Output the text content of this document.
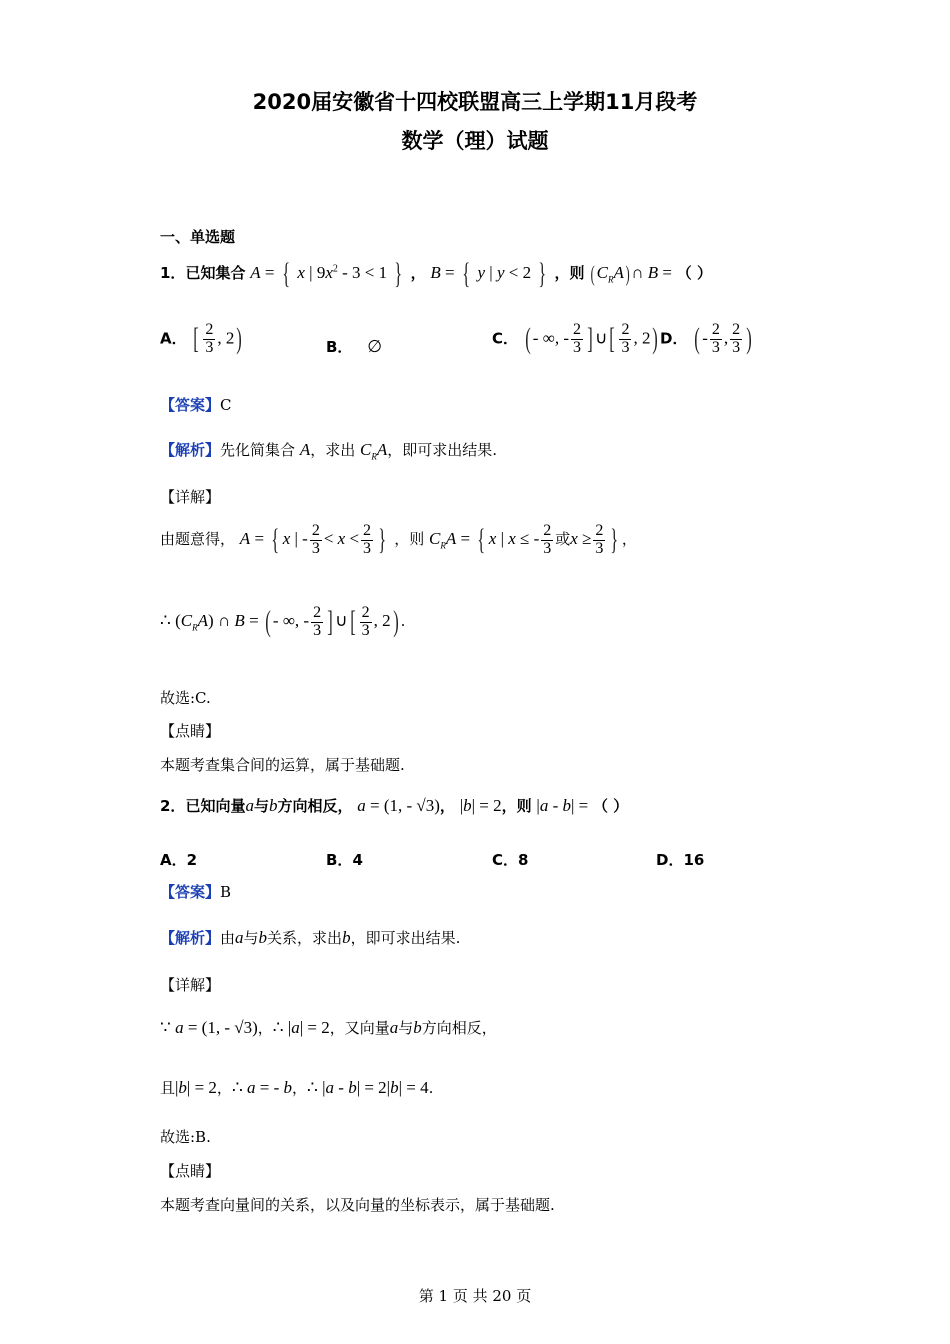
2020届安徽省十四校联盟高三上学期11月段考
数学（理）试题
一、单选题
1．已知集合 A = { x | $9x^2 - 3 < 1$ } ， B = { y | y < 2 } ，则 $(C_RA)\cap$ B = （ ）
A． [ $\frac{2}{3}$ , 2)	B． ∅	C． ( - ∞, - $\frac{2}{3}$ ] ∪[ $\frac{2}{3}$ , 2) D． ( - $\frac{2}{3}$ , $\frac{2}{3}$ )
【答案】C
【解析】先化简集合 A，求出 $C_RA$，即可求出结果.
【详解】
由题意得， A = { x | - $\frac{2}{3} < x < \frac{2}{3}$ } ，则 $C_RA$ = { x | x ≤ - $\frac{2}{3}$ 或$x \ge \frac{2}{3}$ } ，
∴ $(C_RA)$ ∩ B = ( - ∞, - $\frac{2}{3}$ ] ∪[ $\frac{2}{3}$ , 2) .
故选:C.
【点睛】
本题考查集合间的运算，属于基础题.
2．已知向量a与b方向相反， a = (1, - √3)， |b| = 2，则 |a - b| = （ ）
A．2	B．4	C．8	D．16
【答案】B
【解析】由a与b关系，求出b，即可求出结果.
【详解】
∵ a = (1, - √3)，∴ |a| = 2，又向量a与b方向相反，
且|b| = 2，∴ a = - b，∴ |a - b| = 2|b| = 4.
故选:B.
【点睛】
本题考查向量间的关系，以及向量的坐标表示，属于基础题.
第 1 页 共 20 页
